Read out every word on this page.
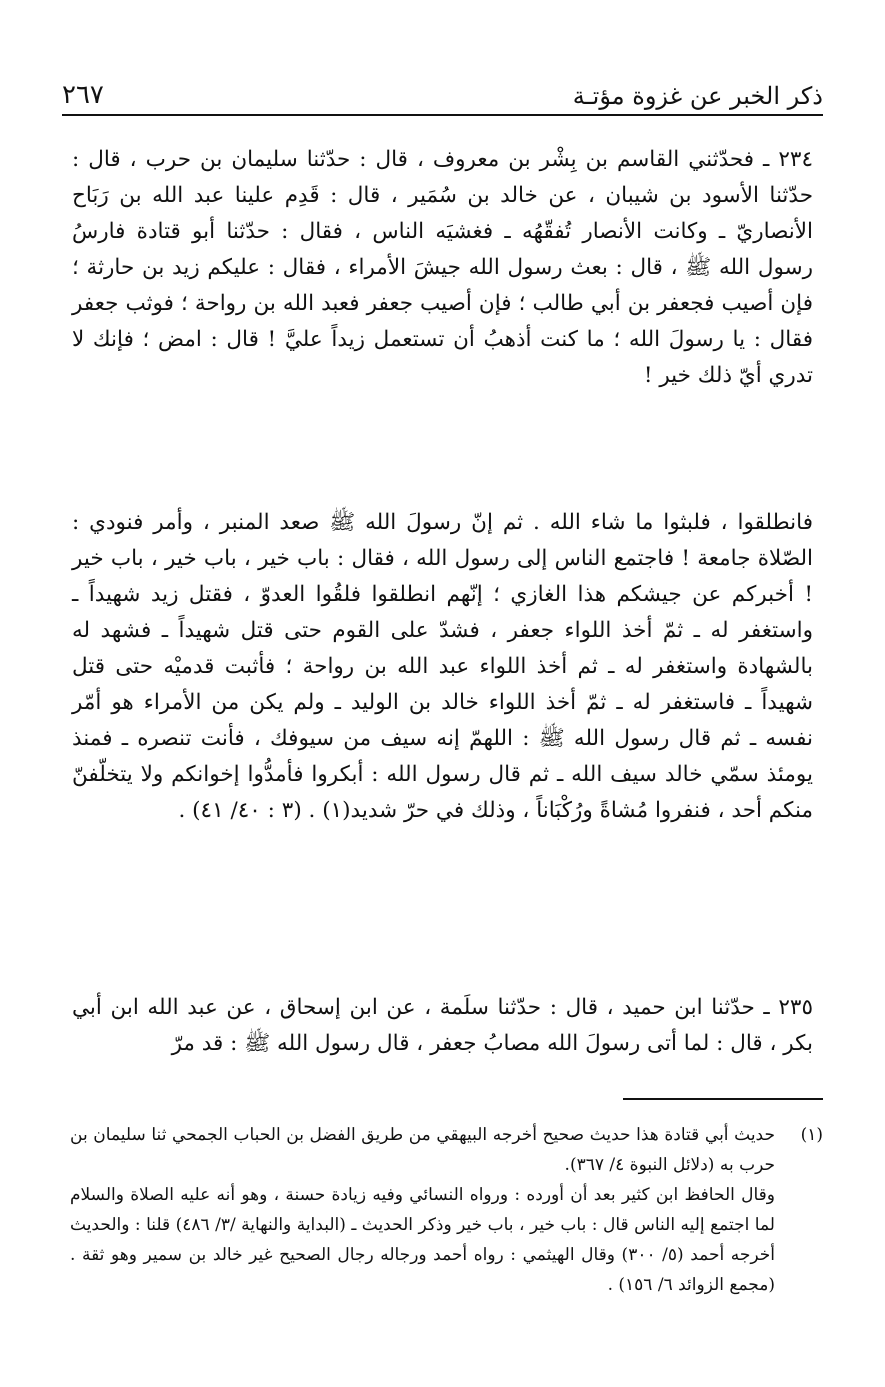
٢٦٧	ذكر الخبر عن غزوة مؤتـة

٢٣٤ ـ فحدّثني القاسم بن بِشْر بن معروف ، قال : حدّثنا سليمان بن حرب ، قال : حدّثنا الأسود بن شيبان ، عن خالد بن سُمَير ، قال : قَدِم علينا عبد الله بن رَبَاح الأنصاريّ ـ وكانت الأنصار تُفقّهُه ـ فغشيَه الناس ، فقال : حدّثنا أبو قتادة فارسُ رسول الله ﷺ ، قال : بعث رسول الله جيشَ الأمراء ، فقال : عليكم زيد بن حارثة ؛ فإن أصيب فجعفر بن أبي طالب ؛ فإن أصيب جعفر فعبد الله بن رواحة ؛ فوثب جعفر فقال : يا رسولَ الله ؛ ما كنت أذهبُ أن تستعمل زيداً عليَّ ! قال : امض ؛ فإنك لا تدري أيّ ذلك خير !

فانطلقوا ، فلبثوا ما شاء الله . ثم إنّ رسولَ الله ﷺ صعد المنبر ، وأمر فنودي : الصّلاة جامعة ! فاجتمع الناس إلى رسول الله ، فقال : باب خير ، باب خير ، باب خير ! أخبركم عن جيشكم هذا الغازي ؛ إنّهم انطلقوا فلقُوا العدوّ ، فقتل زيد شهيداً ـ واستغفر له ـ ثمّ أخذ اللواء جعفر ، فشدّ على القوم حتى قتل شهيداً ـ فشهد له بالشهادة واستغفر له ـ ثم أخذ اللواء عبد الله بن رواحة ؛ فأثبت قدميْه حتى قتل شهيداً ـ فاستغفر له ـ ثمّ أخذ اللواء خالد بن الوليد ـ ولم يكن من الأمراء هو أمّر نفسه ـ ثم قال رسول الله ﷺ : اللهمّ إنه سيف من سيوفك ، فأنت تنصره ـ فمنذ يومئذ سمّي خالد سيف الله ـ ثم قال رسول الله : أبكروا فأمدُّوا إخوانكم ولا يتخلّفنّ منكم أحد ، فنفروا مُشاةً ورُكْبَاناً ، وذلك في حرّ شديد(١) . (٣ : ٤٠/ ٤١) .

٢٣٥ ـ حدّثنا ابن حميد ، قال : حدّثنا سلَمة ، عن ابن إسحاق ، عن عبد الله ابن أبي بكر ، قال : لما أتى رسولَ الله مصابُ جعفر ، قال رسول الله ﷺ : قد مرّ

(١)

حديث أبي قتادة هذا حديث صحيح أخرجه البيهقي من طريق الفضل بن الحباب الجمحي ثنا سليمان بن حرب به (دلائل النبوة ٤/ ٣٦٧).

وقال الحافظ ابن كثير بعد أن أورده : ورواه النسائي وفيه زيادة حسنة ، وهو أنه عليه الصلاة والسلام لما اجتمع إليه الناس قال : باب خير ، باب خير وذكر الحديث ـ (البداية والنهاية /٣/ ٤٨٦) قلنا : والحديث أخرجه أحمد (٥/ ٣٠٠) وقال الهيثمي : رواه أحمد ورجاله رجال الصحيح غير خالد بن سمير وهو ثقة . (مجمع الزوائد ٦/ ١٥٦) .
